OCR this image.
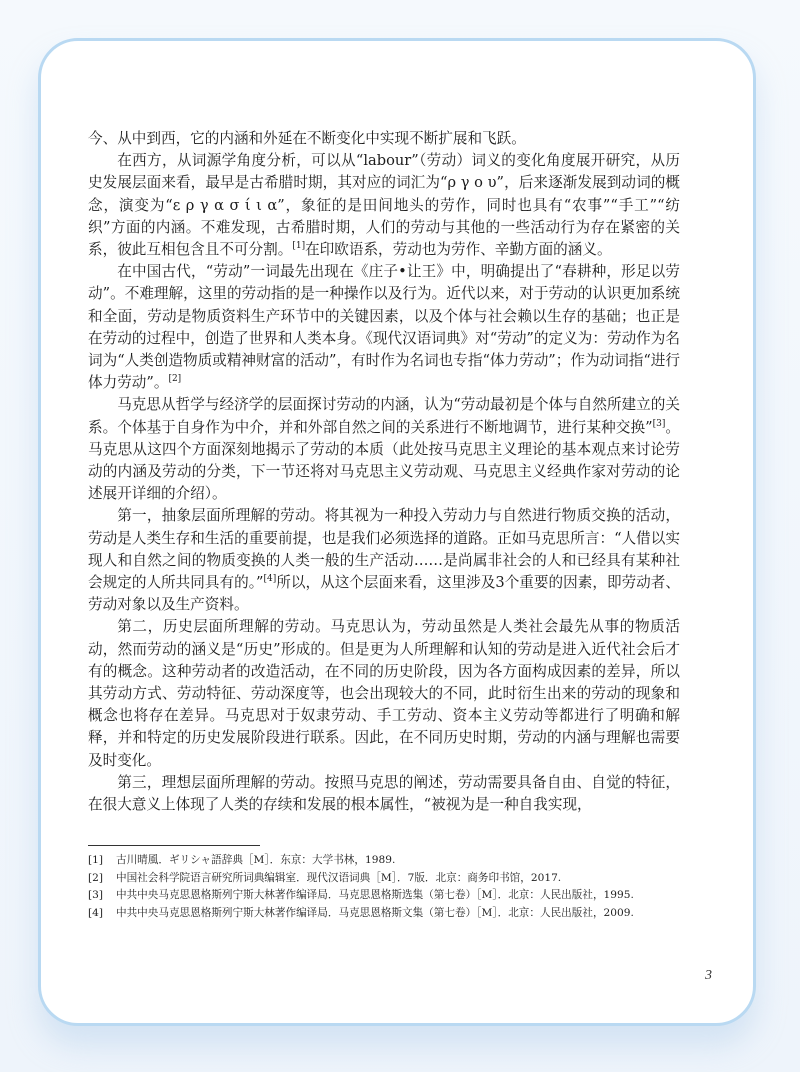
今、从中到西，它的内涵和外延在不断变化中实现不断扩展和飞跃。

在西方，从词源学角度分析，可以从“labour”（劳动）词义的变化角度展开研究，从历史发展层面来看，最早是古希腊时期，其对应的词汇为“ρ γ ο υ”，后来逐渐发展到动词的概念，演变为“ε ρ γ α σ ί ι α”，象征的是田间地头的劳作，同时也具有“农事”“手工”“纺织”方面的内涵。不难发现，古希腊时期，人们的劳动与其他的一些活动行为存在紧密的关系，彼此互相包含且不可分割。[1]在印欧语系，劳动也为劳作、辛勤方面的涵义。

在中国古代，“劳动”一词最先出现在《庄子•让王》中，明确提出了“春耕种，形足以劳动”。不难理解，这里的劳动指的是一种操作以及行为。近代以来，对于劳动的认识更加系统和全面，劳动是物质资料生产环节中的关键因素，以及个体与社会赖以生存的基础；也正是在劳动的过程中，创造了世界和人类本身。《现代汉语词典》对“劳动”的定义为：劳动作为名词为“人类创造物质或精神财富的活动”，有时作为名词也专指“体力劳动”；作为动词指“进行体力劳动”。[2]

马克思从哲学与经济学的层面探讨劳动的内涵，认为“劳动最初是个体与自然所建立的关系。个体基于自身作为中介，并和外部自然之间的关系进行不断地调节，进行某种交换”[3]。马克思从这四个方面深刻地揭示了劳动的本质（此处按马克思主义理论的基本观点来讨论劳动的内涵及劳动的分类，下一节还将对马克思主义劳动观、马克思主义经典作家对劳动的论述展开详细的介绍）。

第一，抽象层面所理解的劳动。将其视为一种投入劳动力与自然进行物质交换的活动，劳动是人类生存和生活的重要前提，也是我们必须选择的道路。正如马克思所言：“人借以实现人和自然之间的物质变换的人类一般的生产活动……是尚属非社会的人和已经具有某种社会规定的人所共同具有的。”[4]所以，从这个层面来看，这里涉及3个重要的因素，即劳动者、劳动对象以及生产资料。

第二，历史层面所理解的劳动。马克思认为，劳动虽然是人类社会最先从事的物质活动，然而劳动的涵义是“历史”形成的。但是更为人所理解和认知的劳动是进入近代社会后才有的概念。这种劳动者的改造活动，在不同的历史阶段，因为各方面构成因素的差异，所以其劳动方式、劳动特征、劳动深度等，也会出现较大的不同，此时衍生出来的劳动的现象和概念也将存在差异。马克思对于奴隶劳动、手工劳动、资本主义劳动等都进行了明确和解释，并和特定的历史发展阶段进行联系。因此，在不同历史时期，劳动的内涵与理解也需要及时变化。

第三，理想层面所理解的劳动。按照马克思的阐述，劳动需要具备自由、自觉的特征，在很大意义上体现了人类的存续和发展的根本属性，“被视为是一种自我实现，

[1]	古川晴風．ギリシャ語辞典［M］．东京：大学书林，1989.
[2]	中国社会科学院语言研究所词典编辑室．现代汉语词典［M］．7版．北京：商务印书馆，2017.
[3]	中共中央马克思恩格斯列宁斯大林著作编译局．马克思恩格斯选集（第七卷）［M］．北京：人民出版社，1995.
[4]	中共中央马克思恩格斯列宁斯大林著作编译局．马克思恩格斯文集（第七卷）［M］．北京：人民出版社，2009.
3
